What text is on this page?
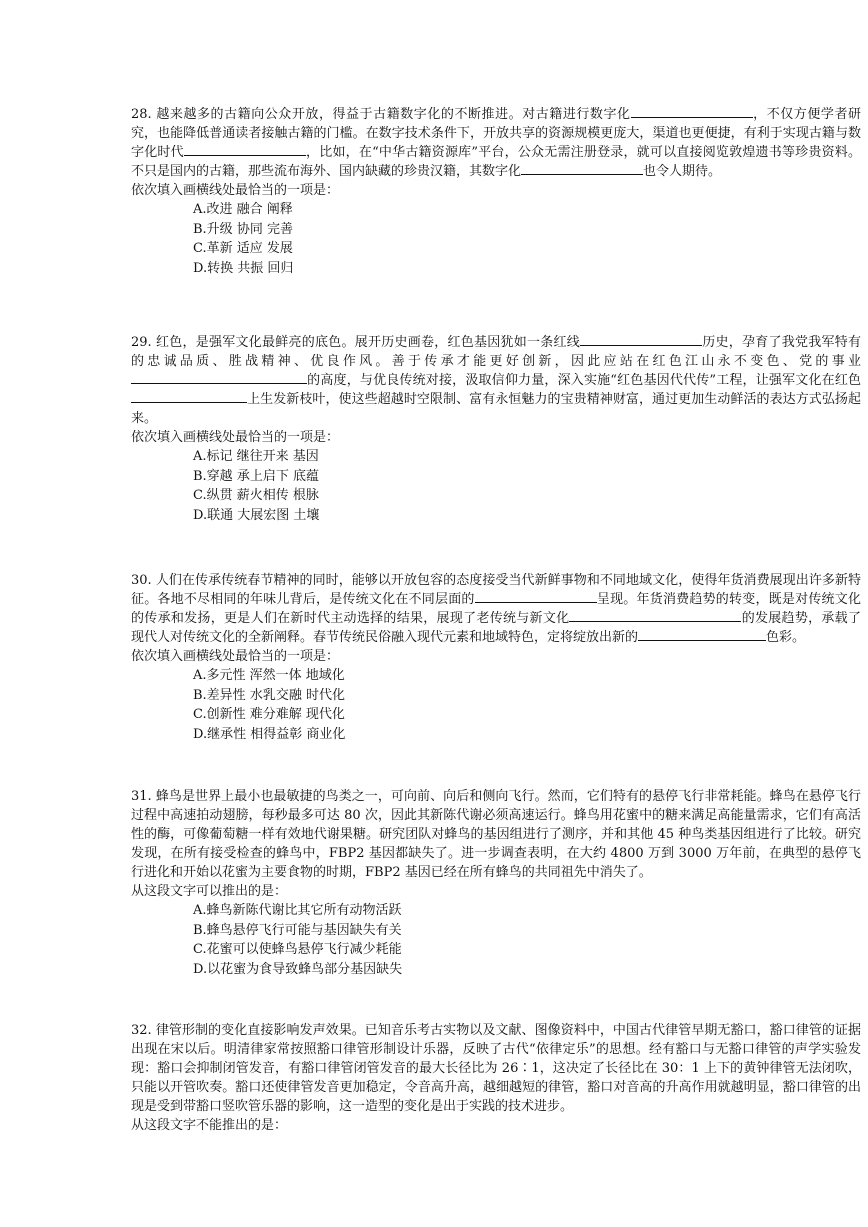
28. 越来越多的古籍向公众开放，得益于古籍数字化的不断推进。对古籍进行数字化	，不仅方便学者研究，也能降低普通读者接触古籍的门槛。在数字技术条件下，开放共享的资源规模更庞大，渠道也更便捷，有利于实现古籍与数字化时代	，比如，在“中华古籍资源库”平台，公众无需注册登录，就可以直接阅览敦煌遗书等珍贵资料。不只是国内的古籍，那些流布海外、国内缺藏的珍贵汉籍，其数字化	也令人期待。

依次填入画横线处最恰当的一项是：

A.改进 融合 阐释
B.升级 协同 完善
C.革新 适应 发展
D.转换 共振 回归

29. 红色，是强军文化最鲜亮的底色。展开历史画卷，红色基因犹如一条红线	历史，孕育了我党我军特有的忠诚品质、胜战精神、优良作风。善于传承才能更好创新，因此应站在红色江山永不变色、党的事业的高度，与优良传统对接，汲取信仰力量，深入实施“红色基因代代传”工程，让强军文化在红色上生发新枝叶，使这些超越时空限制、富有永恒魅力的宝贵精神财富，通过更加生动鲜活的表达方式弘扬起来。

依次填入画横线处最恰当的一项是：

A.标记 继往开来 基因
B.穿越 承上启下 底蕴
C.纵贯 薪火相传 根脉
D.联通 大展宏图 土壤

30. 人们在传承传统春节精神的同时，能够以开放包容的态度接受当代新鲜事物和不同地域文化，使得年货消费展现出许多新特征。各地不尽相同的年味儿背后，是传统文化在不同层面的	呈现。年货消费趋势的转变，既是对传统文化的传承和发扬，更是人们在新时代主动选择的结果，展现了老传统与新文化	的发展趋势，承载了现代人对传统文化的全新阐释。春节传统民俗融入现代元素和地域特色，定将绽放出新的	色彩。

依次填入画横线处最恰当的一项是：

A.多元性 浑然一体 地域化
B.差异性 水乳交融 时代化
C.创新性 难分难解 现代化
D.继承性 相得益彰 商业化

31. 蜂鸟是世界上最小也最敏捷的鸟类之一，可向前、向后和侧向飞行。然而，它们特有的悬停飞行非常耗能。蜂鸟在悬停飞行过程中高速拍动翅膀，每秒最多可达 80 次，因此其新陈代谢必须高速运行。蜂鸟用花蜜中的糖来满足高能量需求，它们有高活性的酶，可像葡萄糖一样有效地代谢果糖。研究团队对蜂鸟的基因组进行了测序，并和其他 45 种鸟类基因组进行了比较。研究发现，在所有接受检查的蜂鸟中，FBP2 基因都缺失了。进一步调查表明，在大约 4800 万到 3000 万年前，在典型的悬停飞行进化和开始以花蜜为主要食物的时期，FBP2 基因已经在所有蜂鸟的共同祖先中消失了。

从这段文字可以推出的是：

A.蜂鸟新陈代谢比其它所有动物活跃
B.蜂鸟悬停飞行可能与基因缺失有关
C.花蜜可以使蜂鸟悬停飞行减少耗能
D.以花蜜为食导致蜂鸟部分基因缺失

32. 律管形制的变化直接影响发声效果。已知音乐考古实物以及文献、图像资料中，中国古代律管早期无豁口，豁口律管的证据出现在宋以后。明清律家常按照豁口律管形制设计乐器，反映了古代“依律定乐”的思想。经有豁口与无豁口律管的声学实验发现：豁口会抑制闭管发音，有豁口律管闭管发音的最大长径比为 26∶1，这决定了长径比在 30：1 上下的黄钟律管无法闭吹，只能以开管吹奏。豁口还使律管发音更加稳定，令音高升高，越细越短的律管，豁口对音高的升高作用就越明显，豁口律管的出现是受到带豁口竖吹管乐器的影响，这一造型的变化是出于实践的技术进步。

从这段文字不能推出的是：
